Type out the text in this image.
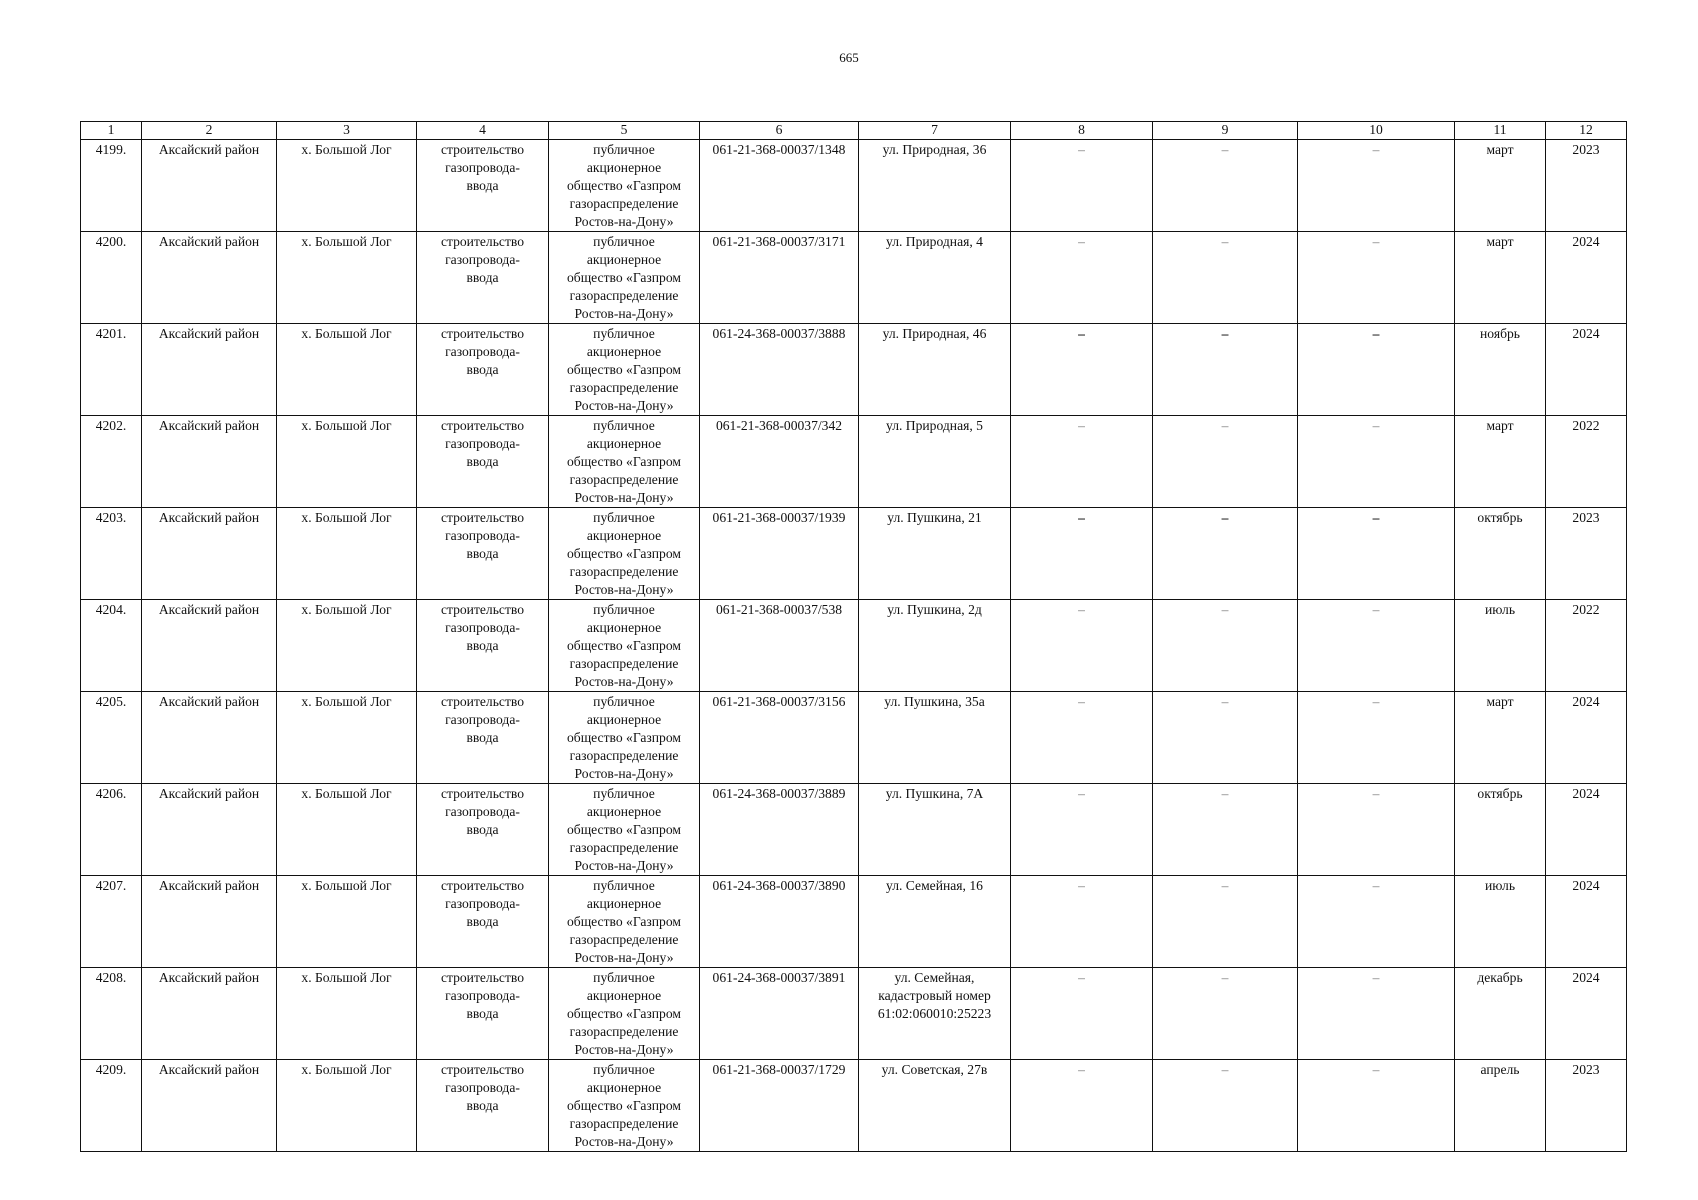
665
1	2	3	4	5	6	7	8	9	10	11	12
4199.	Аксайский район	х. Большой Лог	строительство
газопровода-
ввода	публичное
акционерное
общество «Газпром
газораспределение
Ростов-на-Дону»	061-21-368-00037/1348	ул. Природная, 36	–	–	–	март	2023
4200.	Аксайский район	х. Большой Лог	строительство
газопровода-
ввода	публичное
акционерное
общество «Газпром
газораспределение
Ростов-на-Дону»	061-21-368-00037/3171	ул. Природная, 4	–	–	–	март	2024
4201.	Аксайский район	х. Большой Лог	строительство
газопровода-
ввода	публичное
акционерное
общество «Газпром
газораспределение
Ростов-на-Дону»	061-24-368-00037/3888	ул. Природная, 46	–	–	–	ноябрь	2024
4202.	Аксайский район	х. Большой Лог	строительство
газопровода-
ввода	публичное
акционерное
общество «Газпром
газораспределение
Ростов-на-Дону»	061-21-368-00037/342	ул. Природная, 5	–	–	–	март	2022
4203.	Аксайский район	х. Большой Лог	строительство
газопровода-
ввода	публичное
акционерное
общество «Газпром
газораспределение
Ростов-на-Дону»	061-21-368-00037/1939	ул. Пушкина, 21	–	–	–	октябрь	2023
4204.	Аксайский район	х. Большой Лог	строительство
газопровода-
ввода	публичное
акционерное
общество «Газпром
газораспределение
Ростов-на-Дону»	061-21-368-00037/538	ул. Пушкина, 2д	–	–	–	июль	2022
4205.	Аксайский район	х. Большой Лог	строительство
газопровода-
ввода	публичное
акционерное
общество «Газпром
газораспределение
Ростов-на-Дону»	061-21-368-00037/3156	ул. Пушкина, 35а	–	–	–	март	2024
4206.	Аксайский район	х. Большой Лог	строительство
газопровода-
ввода	публичное
акционерное
общество «Газпром
газораспределение
Ростов-на-Дону»	061-24-368-00037/3889	ул. Пушкина, 7А	–	–	–	октябрь	2024
4207.	Аксайский район	х. Большой Лог	строительство
газопровода-
ввода	публичное
акционерное
общество «Газпром
газораспределение
Ростов-на-Дону»	061-24-368-00037/3890	ул. Семейная, 16	–	–	–	июль	2024
4208.	Аксайский район	х. Большой Лог	строительство
газопровода-
ввода	публичное
акционерное
общество «Газпром
газораспределение
Ростов-на-Дону»	061-24-368-00037/3891	ул. Семейная,
кадастровый номер
61:02:060010:25223	–	–	–	декабрь	2024
4209.	Аксайский район	х. Большой Лог	строительство
газопровода-
ввода	публичное
акционерное
общество «Газпром
газораспределение
Ростов-на-Дону»	061-21-368-00037/1729	ул. Советская, 27в	–	–	–	апрель	2023
